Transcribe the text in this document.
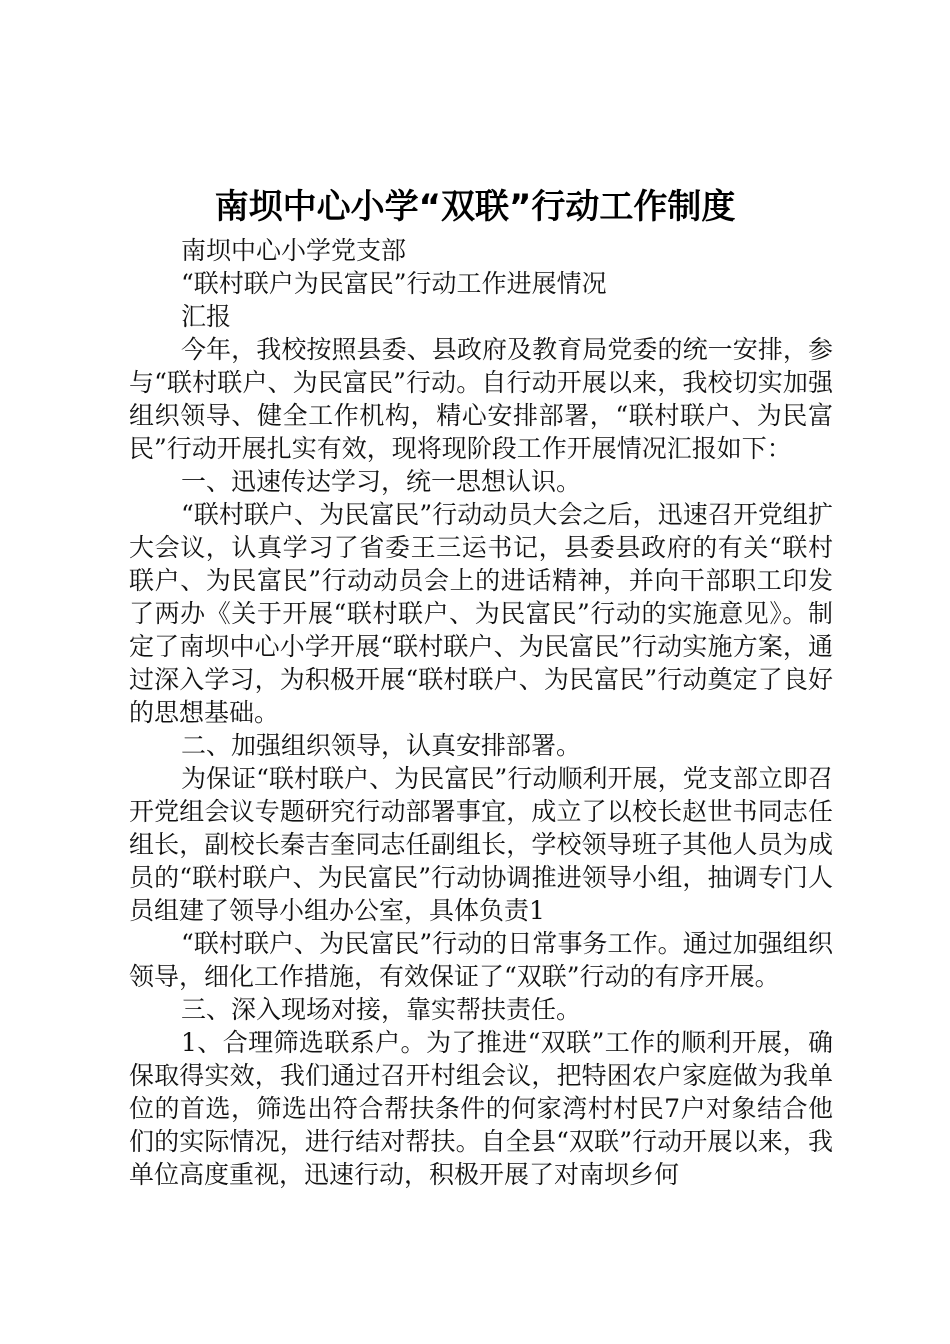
南坝中心小学“双联”行动工作制度

南坝中心小学党支部

“联村联户为民富民”行动工作进展情况

汇报

今年，我校按照县委、县政府及教育局党委的统一安排，参与“联村联户、为民富民”行动。自行动开展以来，我校切实加强组织领导、健全工作机构，精心安排部署，“联村联户、为民富民”行动开展扎实有效，现将现阶段工作开展情况汇报如下：

一、迅速传达学习，统一思想认识。

“联村联户、为民富民”行动动员大会之后，迅速召开党组扩大会议，认真学习了省委王三运书记，县委县政府的有关“联村联户、为民富民”行动动员会上的进话精神，并向干部职工印发了两办《关于开展“联村联户、为民富民”行动的实施意见》。制定了南坝中心小学开展“联村联户、为民富民”行动实施方案，通过深入学习，为积极开展“联村联户、为民富民”行动奠定了良好的思想基础。

二、加强组织领导，认真安排部署。

为保证“联村联户、为民富民”行动顺利开展，党支部立即召开党组会议专题研究行动部署事宜，成立了以校长赵世书同志任组长，副校长秦吉奎同志任副组长，学校领导班子其他人员为成员的“联村联户、为民富民”行动协调推进领导小组，抽调专门人员组建了领导小组办公室，具体负责1

“联村联户、为民富民”行动的日常事务工作。通过加强组织领导，细化工作措施，有效保证了“双联”行动的有序开展。

三、深入现场对接，靠实帮扶责任。

1、合理筛选联系户。为了推进“双联”工作的顺利开展，确保取得实效，我们通过召开村组会议，把特困农户家庭做为我单位的首选，筛选出符合帮扶条件的何家湾村村民7户对象结合他们的实际情况，进行结对帮扶。自全县“双联”行动开展以来，我单位高度重视，迅速行动，积极开展了对南坝乡何
